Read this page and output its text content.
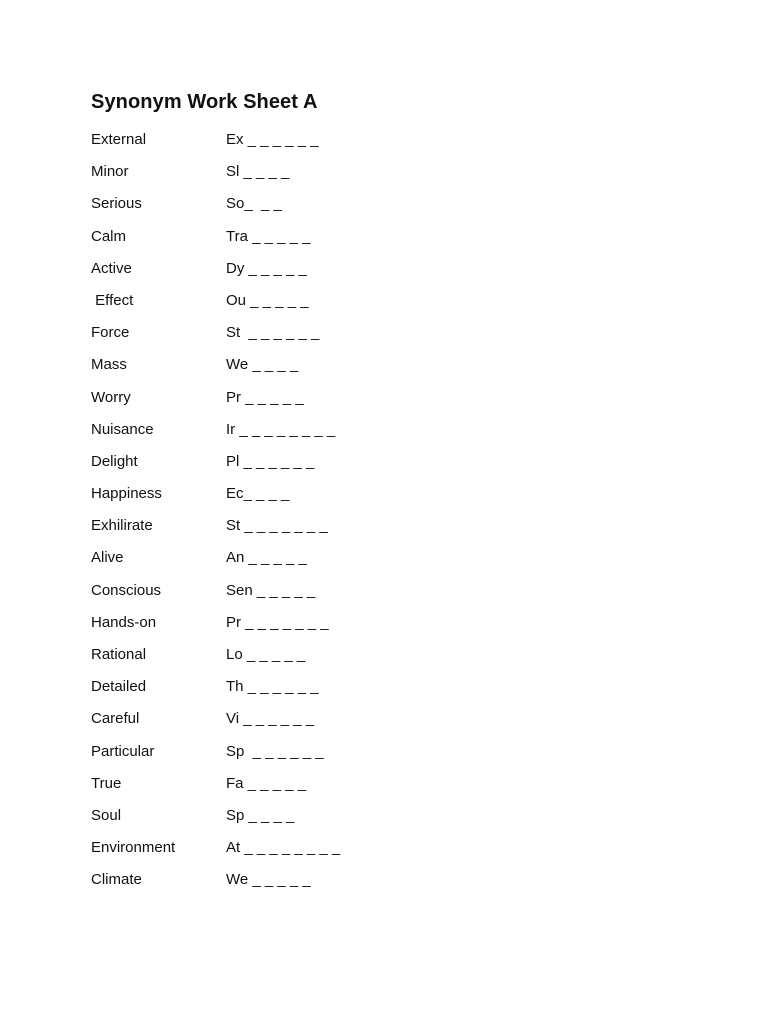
Synonym Work Sheet A
External	Ex _ _ _ _ _ _
Minor	Sl _ _ _ _
Serious	So_  _ _
Calm	Tra _ _ _ _ _
Active	Dy _ _ _ _ _
Effect	Ou _ _ _ _ _
Force	St  _ _ _ _ _ _
Mass	We _ _ _ _
Worry	Pr _ _ _ _ _
Nuisance	Ir _ _ _ _ _ _ _ _
Delight	Pl _ _ _ _ _ _
Happiness	Ec_ _ _ _
Exhilirate	St _ _ _ _ _ _ _
Alive	An _ _ _ _ _
Conscious	Sen _ _ _ _ _
Hands-on	Pr _ _ _ _ _ _ _
Rational	Lo _ _ _ _ _
Detailed	Th _ _ _ _ _ _
Careful	Vi _ _ _ _ _ _
Particular	Sp  _ _ _ _ _ _
True	Fa _ _ _ _ _
Soul	Sp _ _ _ _
Environment	At _ _ _ _ _ _ _ _
Climate	We _ _ _ _ _
